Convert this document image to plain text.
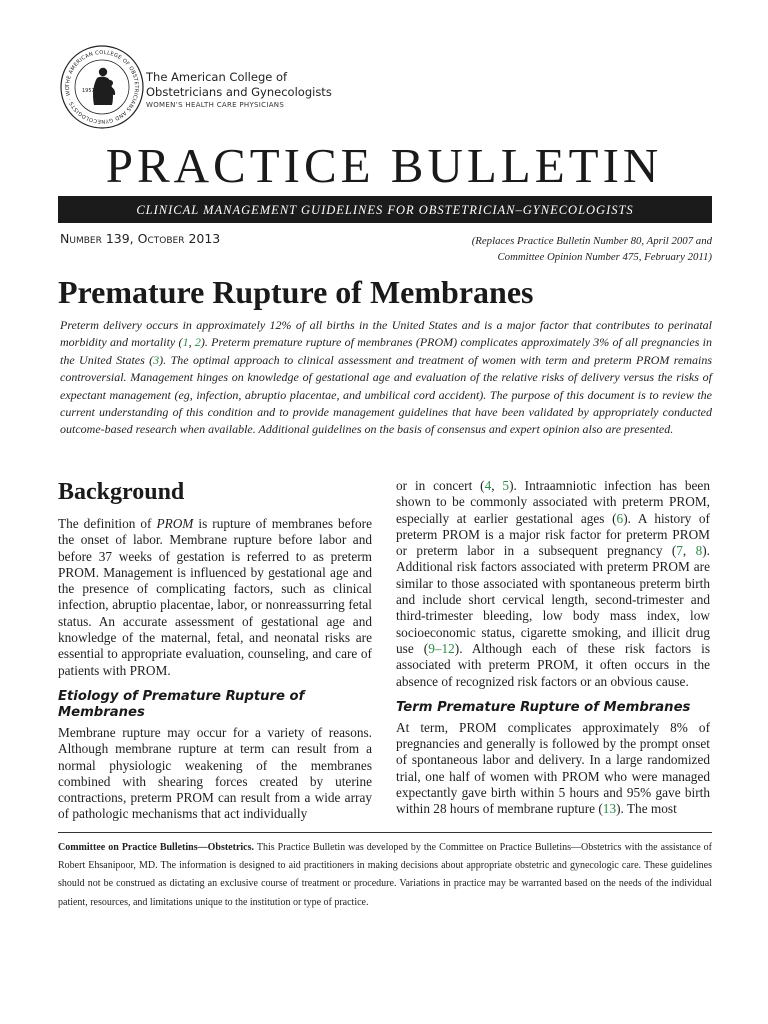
THE AMERICAN COLLEGE OF OBSTETRICIANS AND GYNECOLOGISTS · WO	1951
The American College of
Obstetricians and Gynecologists
WOMEN’S HEALTH CARE PHYSICIANS
PRACTICE BULLETIN
CLINICAL MANAGEMENT GUIDELINES FOR OBSTETRICIAN–GYNECOLOGISTS
Number 139, October 2013	(Replaces Practice Bulletin Number 80, April 2007 and
Committee Opinion Number 475, February 2011)
Premature Rupture of Membranes
Preterm delivery occurs in approximately 12% of all births in the United States and is a major factor that contributes to perinatal morbidity and mortality (1, 2). Preterm premature rupture of membranes (PROM) complicates approximately 3% of all pregnancies in the United States (3). The optimal approach to clinical assessment and treatment of women with term and preterm PROM remains controversial. Management hinges on knowledge of gestational age and evaluation of the relative risks of delivery versus the risks of expectant management (eg, infection, abruptio placentae, and umbilical cord accident). The purpose of this document is to review the current understanding of this condition and to provide management guidelines that have been validated by appropriately conducted outcome-based research when available. Additional guidelines on the basis of consensus and expert opinion also are presented.
Background

The definition of PROM is rupture of membranes before the onset of labor. Membrane rupture before labor and before 37 weeks of gestation is referred to as preterm PROM. Management is influenced by gestational age and the presence of complicating factors, such as clinical infection, abruptio placentae, labor, or nonreassurring fetal status. An accurate assessment of gestational age and knowledge of the maternal, fetal, and neonatal risks are essential to appropriate evaluation, counseling, and care of patients with PROM.

Etiology of Premature Rupture of Membranes

Membrane rupture may occur for a variety of reasons. Although membrane rupture at term can result from a normal physiologic weakening of the membranes combined with shearing forces created by uterine contractions, preterm PROM can result from a wide array of pathologic mechanisms that act individually

or in concert (4, 5). Intraamniotic infection has been shown to be commonly associated with preterm PROM, especially at earlier gestational ages (6). A history of preterm PROM is a major risk factor for preterm PROM or preterm labor in a subsequent pregnancy (7, 8). Additional risk factors associated with preterm PROM are similar to those associated with spontaneous preterm birth and include short cervical length, second-trimester and third-trimester bleeding, low body mass index, low socioeconomic status, cigarette smoking, and illicit drug use (9–12). Although each of these risk factors is associated with preterm PROM, it often occurs in the absence of recognized risk factors or an obvious cause.

Term Premature Rupture of Membranes

At term, PROM complicates approximately 8% of pregnancies and generally is followed by the prompt onset of spontaneous labor and delivery. In a large randomized trial, one half of women with PROM who were managed expectantly gave birth within 5 hours and 95% gave birth within 28 hours of membrane rupture (13). The most

Committee on Practice Bulletins—Obstetrics. This Practice Bulletin was developed by the Committee on Practice Bulletins—Obstetrics with the assistance of Robert Ehsanipoor, MD. The information is designed to aid practitioners in making decisions about appropriate obstetric and gynecologic care. These guidelines should not be construed as dictating an exclusive course of treatment or procedure. Variations in practice may be warranted based on the needs of the individual patient, resources, and limitations unique to the institution or type of practice.
